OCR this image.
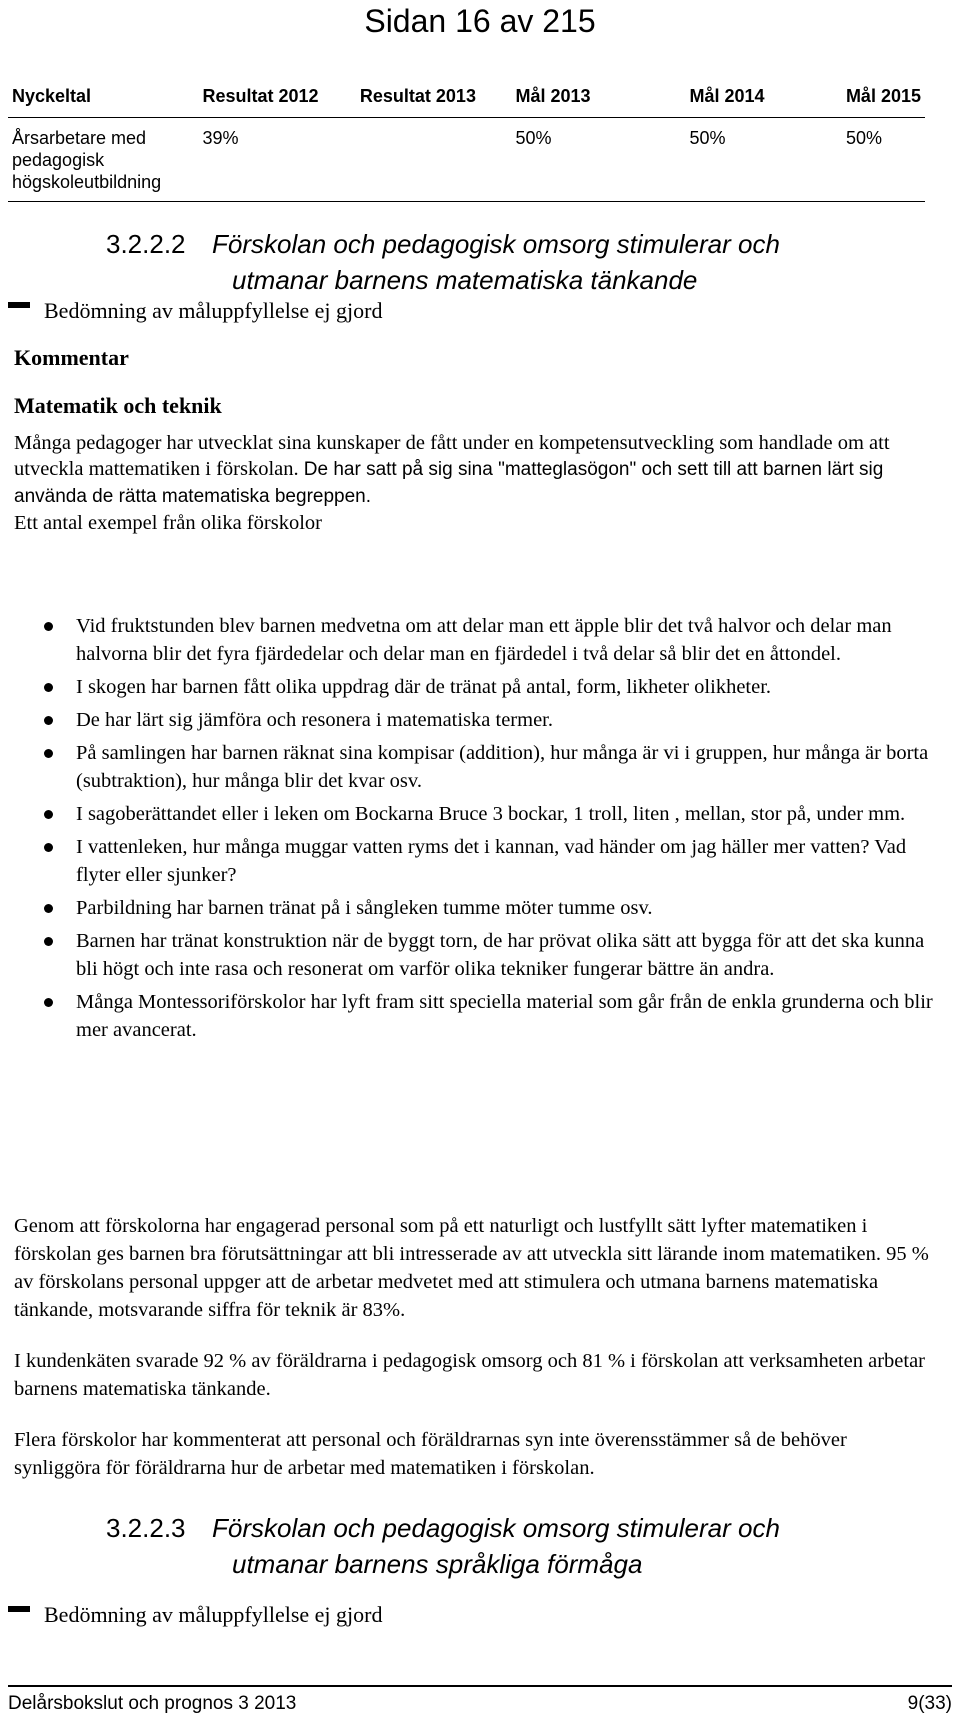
Sidan 16 av 215
Nyckeltal	Resultat 2012	Resultat 2013	Mål 2013	Mål 2014	Mål 2015
Årsarbetare med pedagogisk högskoleutbildning	39%		50%	50%	50%
3.2.2.2 Förskolan och pedagogisk omsorg stimulerar och
utmanar barnens matematiska tänkande
Bedömning av måluppfyllelse ej gjord
Kommentar
Matematik och teknik

Många pedagoger har utvecklat sina kunskaper de fått under en kompetensutveckling som handlade om att utveckla mattematiken i förskolan. De har satt på sig sina "matteglasögon" och sett till att barnen lärt sig använda de rätta matematiska begreppen.
Ett antal exempel från olika förskolor

Vid fruktstunden blev barnen medvetna om att delar man ett äpple blir det två halvor och delar man halvorna blir det fyra fjärdedelar och delar man en fjärdedel i två delar så blir det en åttondel.
I skogen har barnen fått olika uppdrag där de tränat på antal, form, likheter olikheter.
De har lärt sig jämföra och resonera i matematiska termer.
På samlingen har barnen räknat sina kompisar (addition), hur många är vi i gruppen, hur många är borta (subtraktion), hur många blir det kvar osv.
I sagoberättandet eller i leken om Bockarna Bruce 3 bockar, 1 troll, liten , mellan, stor på, under mm.
I vattenleken, hur många muggar vatten ryms det i kannan, vad händer om jag häller mer vatten? Vad flyter eller sjunker?
Parbildning har barnen tränat på i sångleken tumme möter tumme osv.
Barnen har tränat konstruktion när de byggt torn, de har prövat olika sätt att bygga för att det ska kunna bli högt och inte rasa och resonerat om varför olika tekniker fungerar bättre än andra.
Många Montessoriförskolor har lyft fram sitt speciella material som går från de enkla grunderna och blir mer avancerat.

Genom att förskolorna har engagerad personal som på ett naturligt och lustfyllt sätt lyfter matematiken i förskolan ges barnen bra förutsättningar att bli intresserade av att utveckla sitt lärande inom matematiken. 95 % av förskolans personal uppger att de arbetar medvetet med att stimulera och utmana barnens matematiska tänkande, motsvarande siffra för teknik är 83%.

I kundenkäten svarade 92 % av föräldrarna i pedagogisk omsorg och 81 % i förskolan att verksamheten arbetar barnens matematiska tänkande.

Flera förskolor har kommenterat att personal och föräldrarnas syn inte överensstämmer så de behöver synliggöra för föräldrarna hur de arbetar med matematiken i förskolan.

3.2.2.3 Förskolan och pedagogisk omsorg stimulerar och
utmanar barnens språkliga förmåga
Bedömning av måluppfyllelse ej gjord
Delårsbokslut och prognos 3 2013	9(33)
